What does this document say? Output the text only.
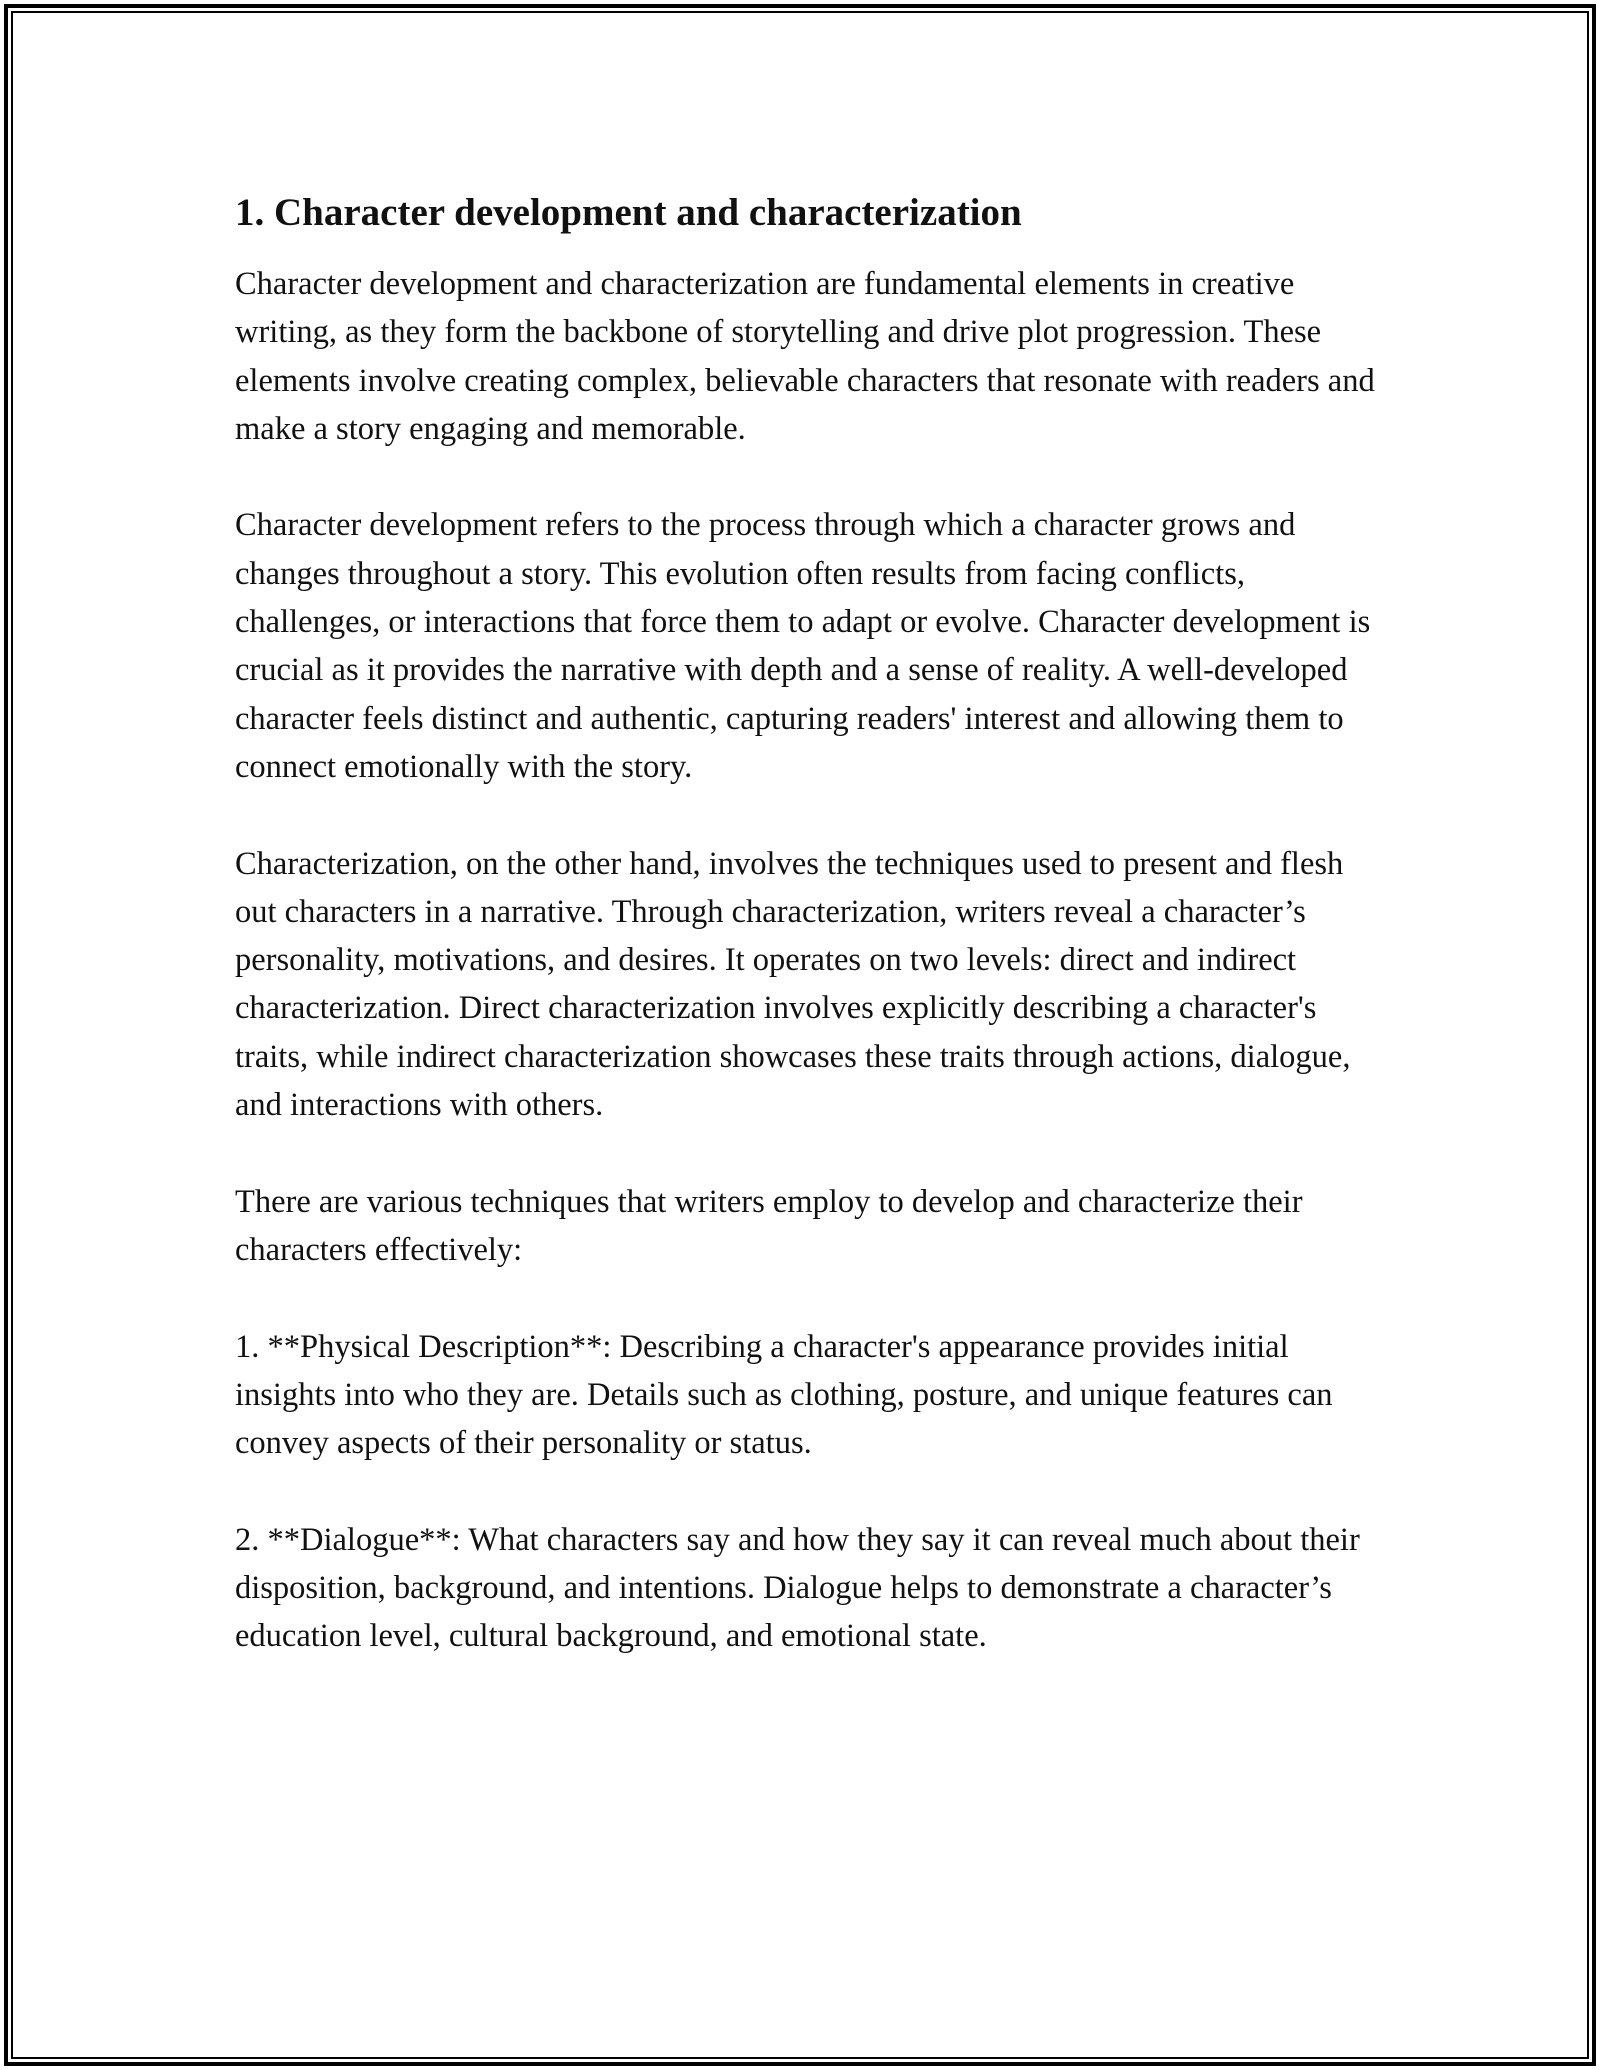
1. Character development and characterization

Character development and characterization are fundamental elements in creative writing, as they form the backbone of storytelling and drive plot progression. These elements involve creating complex, believable characters that resonate with readers and make a story engaging and memorable.

Character development refers to the process through which a character grows and changes throughout a story. This evolution often results from facing conflicts, challenges, or interactions that force them to adapt or evolve. Character development is crucial as it provides the narrative with depth and a sense of reality. A well-developed character feels distinct and authentic, capturing readers' interest and allowing them to connect emotionally with the story.

Characterization, on the other hand, involves the techniques used to present and flesh out characters in a narrative. Through characterization, writers reveal a character’s personality, motivations, and desires. It operates on two levels: direct and indirect characterization. Direct characterization involves explicitly describing a character's traits, while indirect characterization showcases these traits through actions, dialogue, and interactions with others.

There are various techniques that writers employ to develop and characterize their characters effectively:

1. **Physical Description**: Describing a character's appearance provides initial insights into who they are. Details such as clothing, posture, and unique features can convey aspects of their personality or status.

2. **Dialogue**: What characters say and how they say it can reveal much about their disposition, background, and intentions. Dialogue helps to demonstrate a character’s education level, cultural background, and emotional state.
